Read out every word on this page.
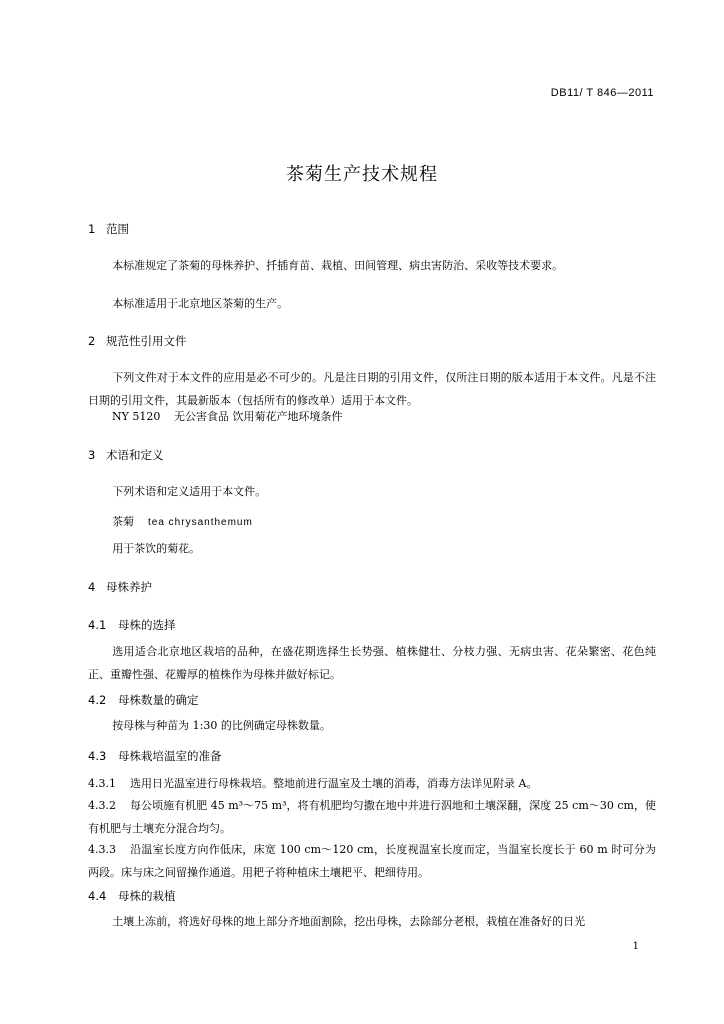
DB11/ T 846—2011
茶菊生产技术规程
1 范围
本标准规定了茶菊的母株养护、扦插育苗、栽植、田间管理、病虫害防治、采收等技术要求。
本标准适用于北京地区茶菊的生产。
2 规范性引用文件
下列文件对于本文件的应用是必不可少的。凡是注日期的引用文件，仅所注日期的版本适用于本文件。凡是不注日期的引用文件，其最新版本（包括所有的修改单）适用于本文件。
NY 5120 无公害食品 饮用菊花产地环境条件
3 术语和定义
下列术语和定义适用于本文件。
茶菊 tea chrysanthemum
用于茶饮的菊花。
4 母株养护
4.1 母株的选择
选用适合北京地区栽培的品种，在盛花期选择生长势强、植株健壮、分枝力强、无病虫害、花朵繁密、花色纯正、重瓣性强、花瓣厚的植株作为母株并做好标记。
4.2 母株数量的确定
按母株与种苗为 1:30 的比例确定母株数量。
4.3 母株栽培温室的准备
4.3.1 选用日光温室进行母株栽培。整地前进行温室及土壤的消毒，消毒方法详见附录 A。
4.3.2 每公顷施有机肥 45 m³～75 m³，将有机肥均匀撒在地中并进行泅地和土壤深翻，深度 25 cm～30 cm，使有机肥与土壤充分混合均匀。
4.3.3 沿温室长度方向作低床，床宽 100 cm～120 cm，长度视温室长度而定，当温室长度长于 60 m 时可分为两段。床与床之间留操作通道。用耙子将种植床土壤耙平、耙细待用。
4.4 母株的栽植
土壤上冻前，将选好母株的地上部分齐地面割除，挖出母株，去除部分老根，栽植在准备好的日光
1
